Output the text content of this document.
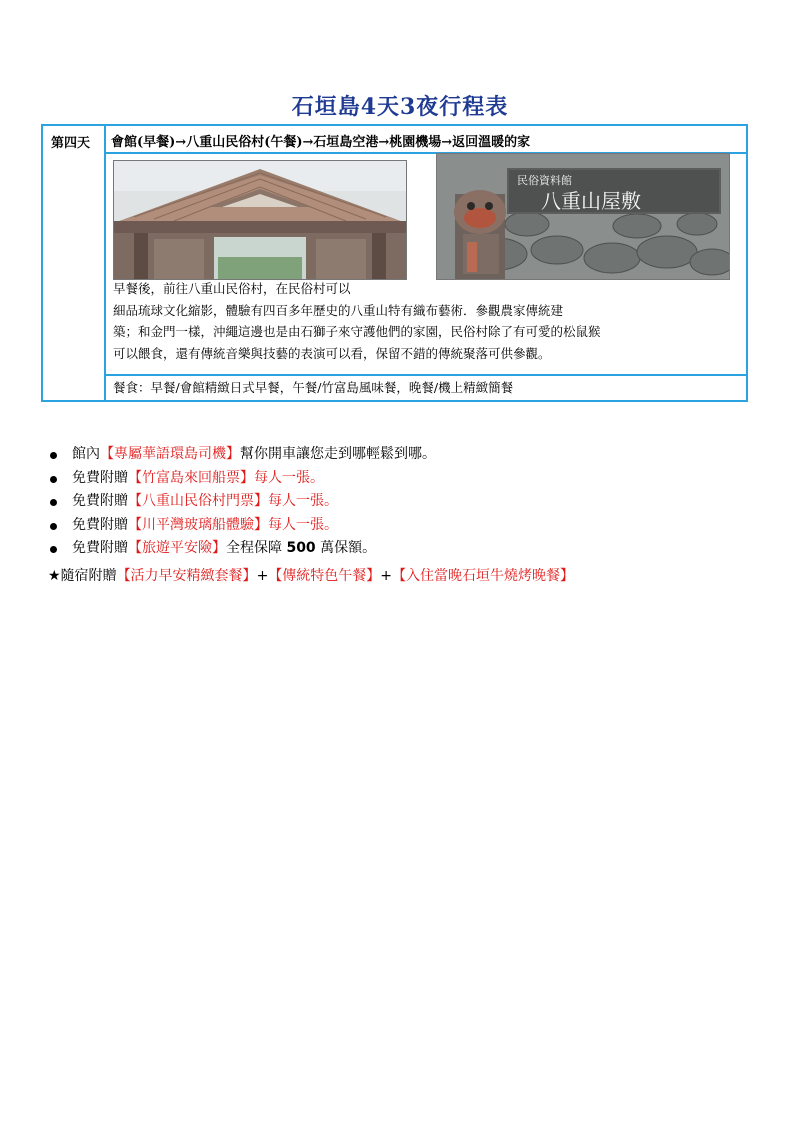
石垣島4天3夜行程表
第四天	會館(早餐)→八重山民俗村(午餐)→石垣島空港→桃園機場→返回溫暖的家
民俗資料館
八重山屋敷
早餐後，前往八重山民俗村，在民俗村可以
細品琉球文化縮影，體驗有四百多年歷史的八重山特有織布藝術．參觀農家傳統建
築；和金門一樣，沖繩這邊也是由石獅子來守護他們的家園，民俗村除了有可愛的松鼠猴
可以餵食，還有傳統音樂與技藝的表演可以看，保留不錯的傳統聚落可供參觀。
餐食：早餐/會館精緻日式早餐，午餐/竹富島風味餐，晚餐/機上精緻簡餐
館內【專屬華語環島司機】幫你開車讓您走到哪輕鬆到哪。
免費附贈【竹富島來回船票】每人一張。
免費附贈【八重山民俗村門票】每人一張。
免費附贈【川平灣玻璃船體驗】每人一張。
免費附贈【旅遊平安險】全程保障 500 萬保額。
★隨宿附贈【活力早安精緻套餐】+【傳統特色午餐】+【入住當晚石垣牛燒烤晚餐】
